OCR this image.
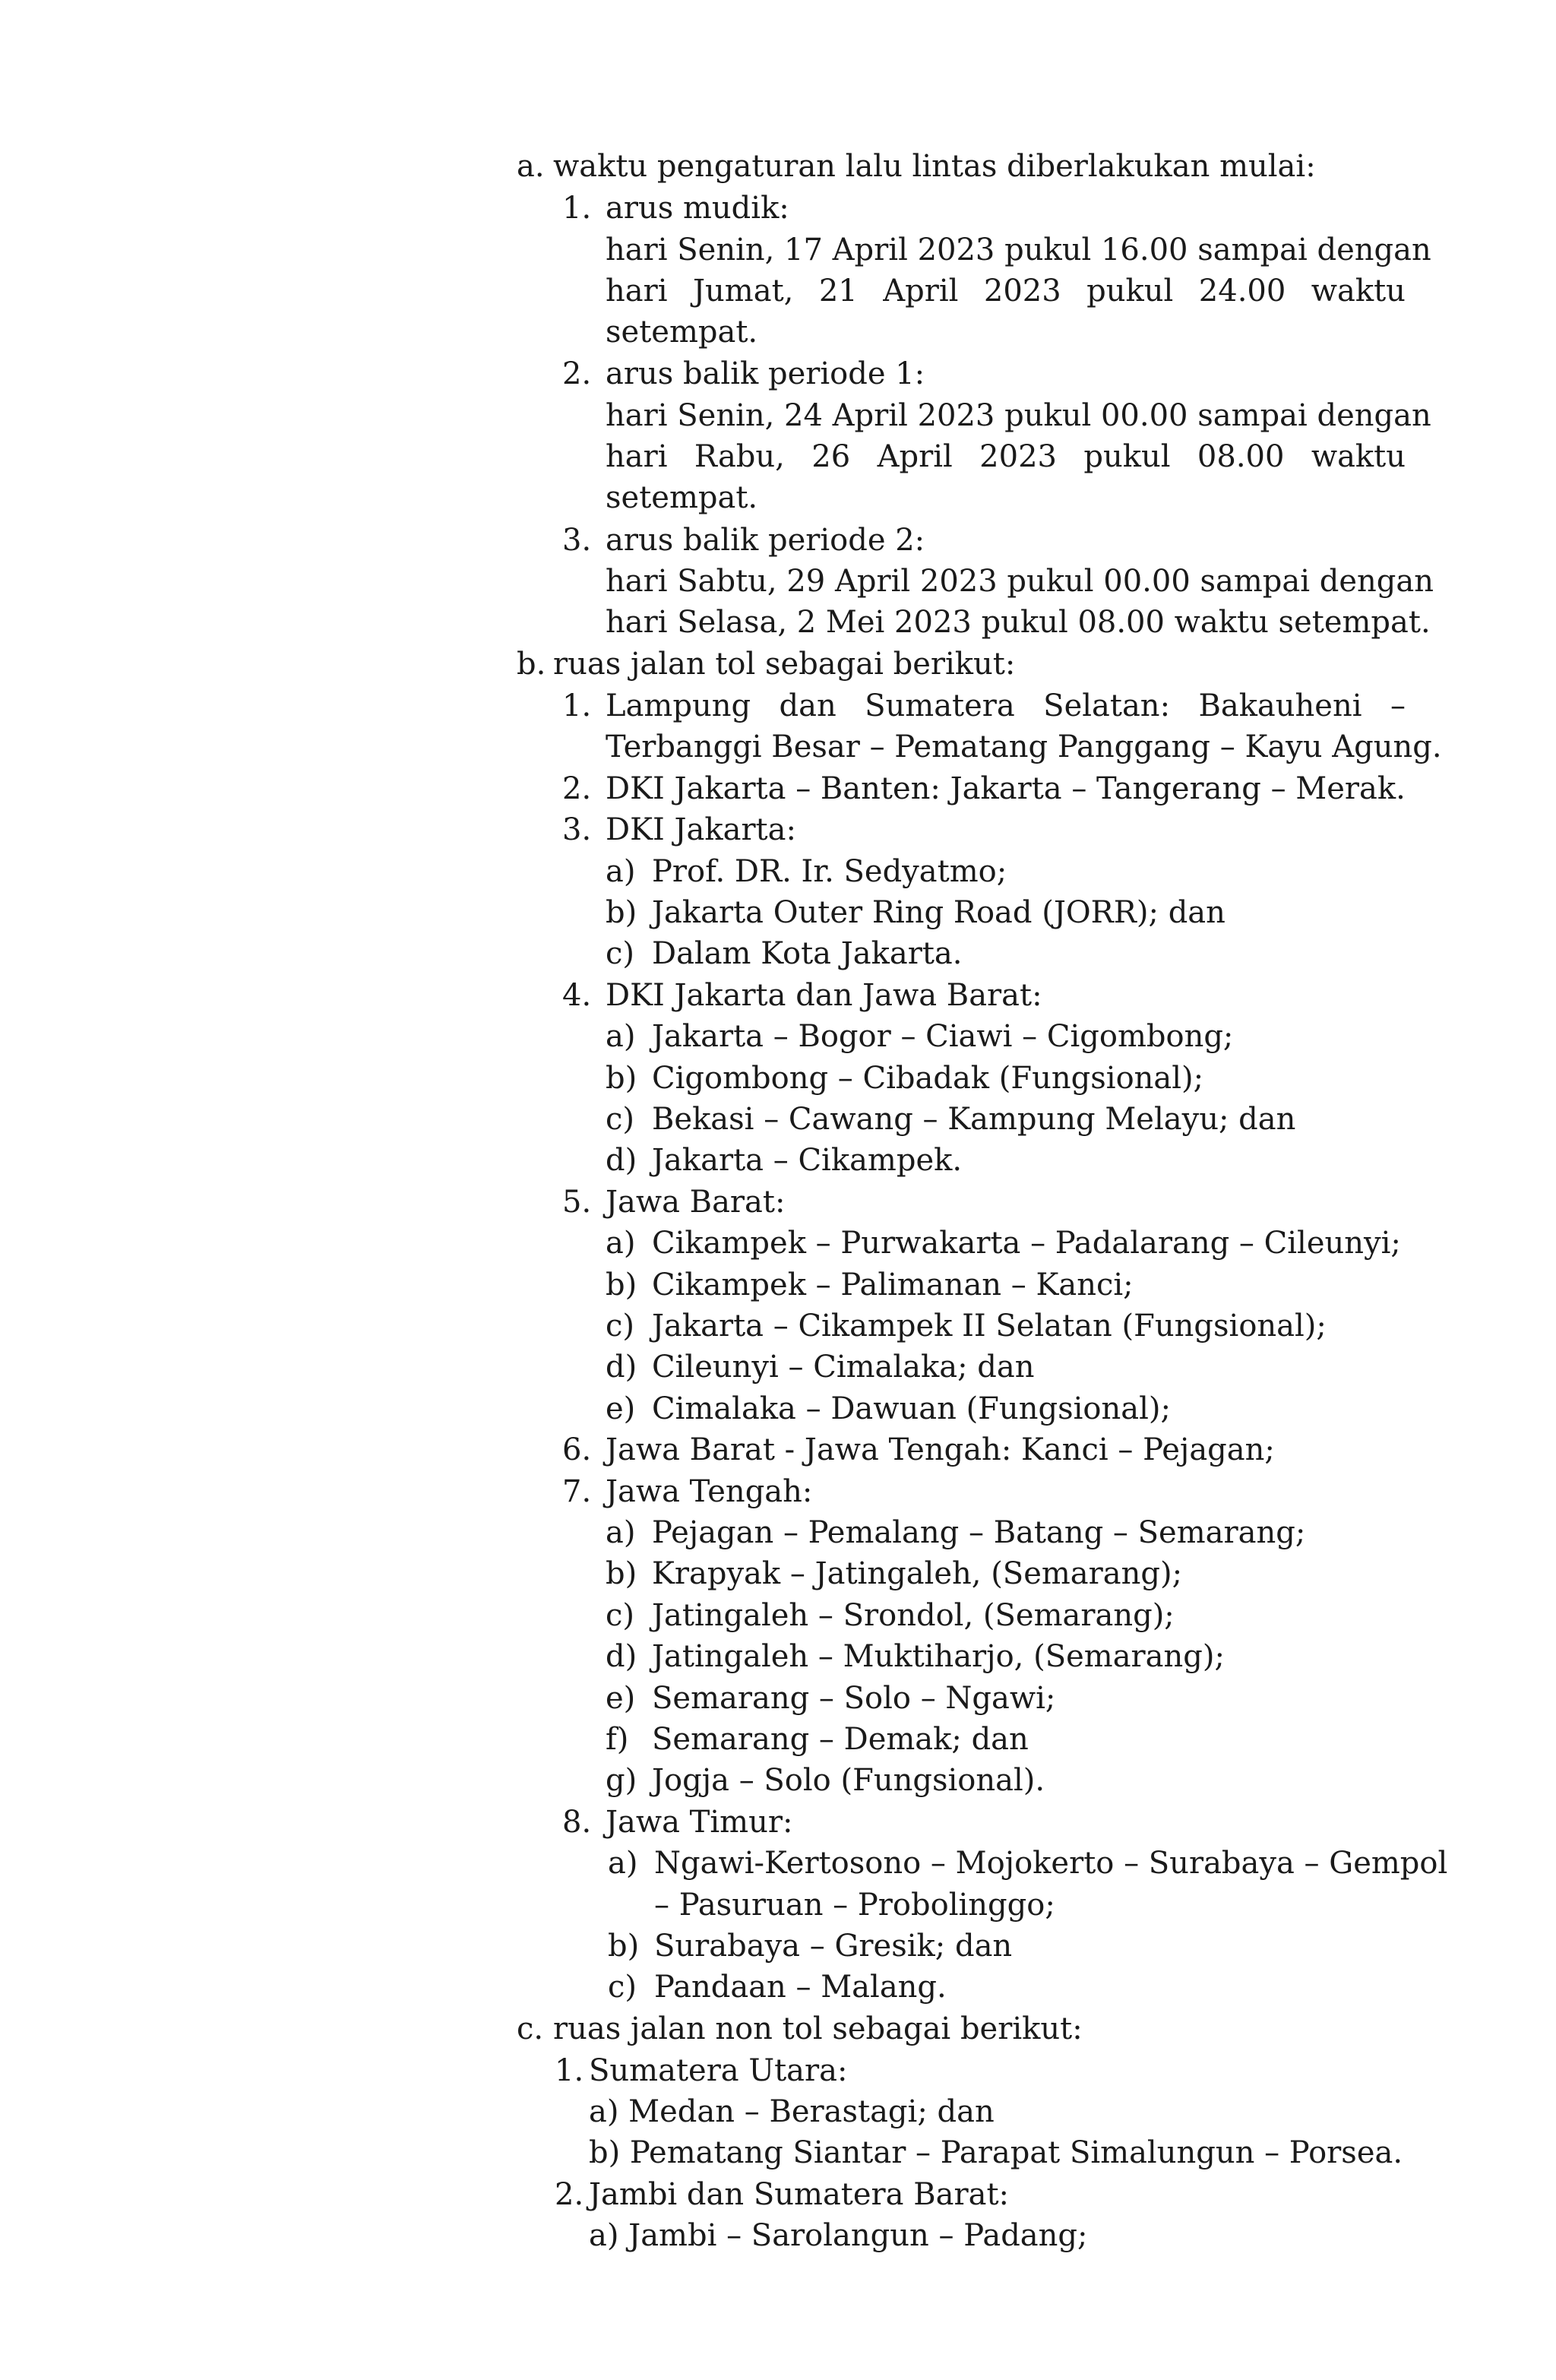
a. waktu pengaturan lalu lintas diberlakukan mulai:
1. arus mudik:
hari Senin, 17 April 2023 pukul 16.00 sampai dengan
hari Jumat, 21 April 2023 pukul 24.00 waktu
setempat.
2. arus balik periode 1:
hari Senin, 24 April 2023 pukul 00.00 sampai dengan
hari Rabu, 26 April 2023 pukul 08.00 waktu
setempat.
3. arus balik periode 2:
hari Sabtu, 29 April 2023 pukul 00.00 sampai dengan
hari Selasa, 2 Mei 2023 pukul 08.00 waktu setempat.
b. ruas jalan tol sebagai berikut:
1. Lampung dan Sumatera Selatan: Bakauheni –
Terbanggi Besar – Pematang Panggang – Kayu Agung.
2. DKI Jakarta – Banten: Jakarta – Tangerang – Merak.
3. DKI Jakarta:
a) Prof. DR. Ir. Sedyatmo;
b) Jakarta Outer Ring Road (JORR); dan
c) Dalam Kota Jakarta.
4. DKI Jakarta dan Jawa Barat:
a) Jakarta – Bogor – Ciawi – Cigombong;
b) Cigombong – Cibadak (Fungsional);
c) Bekasi – Cawang – Kampung Melayu; dan
d) Jakarta – Cikampek.
5. Jawa Barat:
a) Cikampek – Purwakarta – Padalarang – Cileunyi;
b) Cikampek – Palimanan – Kanci;
c) Jakarta – Cikampek II Selatan (Fungsional);
d) Cileunyi – Cimalaka; dan
e) Cimalaka – Dawuan (Fungsional);
6. Jawa Barat - Jawa Tengah: Kanci – Pejagan;
7. Jawa Tengah:
a) Pejagan – Pemalang – Batang – Semarang;
b) Krapyak – Jatingaleh, (Semarang);
c) Jatingaleh – Srondol, (Semarang);
d) Jatingaleh – Muktiharjo, (Semarang);
e) Semarang – Solo – Ngawi;
f) Semarang – Demak; dan
g) Jogja – Solo (Fungsional).
8. Jawa Timur:
a) Ngawi-Kertosono – Mojokerto – Surabaya – Gempol
– Pasuruan – Probolinggo;
b) Surabaya – Gresik; dan
c) Pandaan – Malang.
c. ruas jalan non tol sebagai berikut:
1. Sumatera Utara:
a) Medan – Berastagi; dan
b) Pematang Siantar – Parapat Simalungun – Porsea.
2. Jambi dan Sumatera Barat:
a) Jambi – Sarolangun – Padang;
